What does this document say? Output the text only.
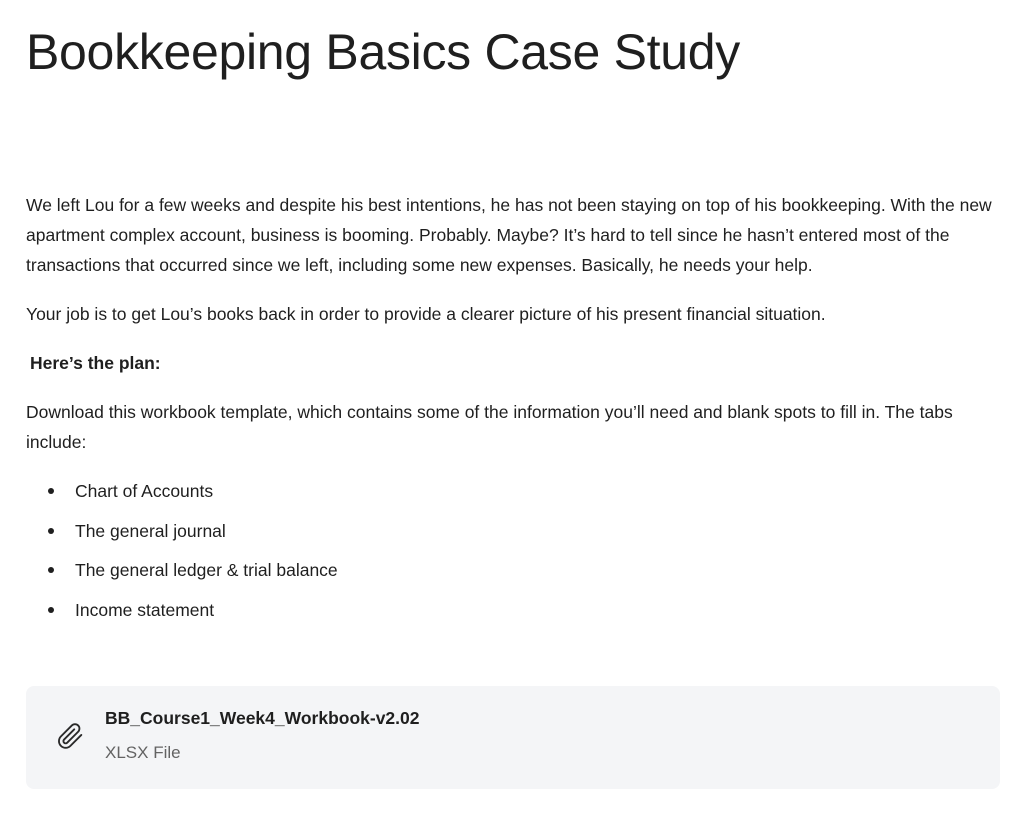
Bookkeeping Basics Case Study

We left Lou for a few weeks and despite his best intentions, he has not been staying on top of his bookkeeping. With the new apartment complex account, business is booming. Probably. Maybe? It’s hard to tell since he hasn’t entered most of the transactions that occurred since we left, including some new expenses. Basically, he needs your help.

Your job is to get Lou’s books back in order to provide a clearer picture of his present financial situation.

Here’s the plan:

Download this workbook template, which contains some of the information you’ll need and blank spots to fill in. The tabs include:

Chart of Accounts
The general journal
The general ledger & trial balance
Income statement
BB_Course1_Week4_Workbook-v2.02
XLSX File
